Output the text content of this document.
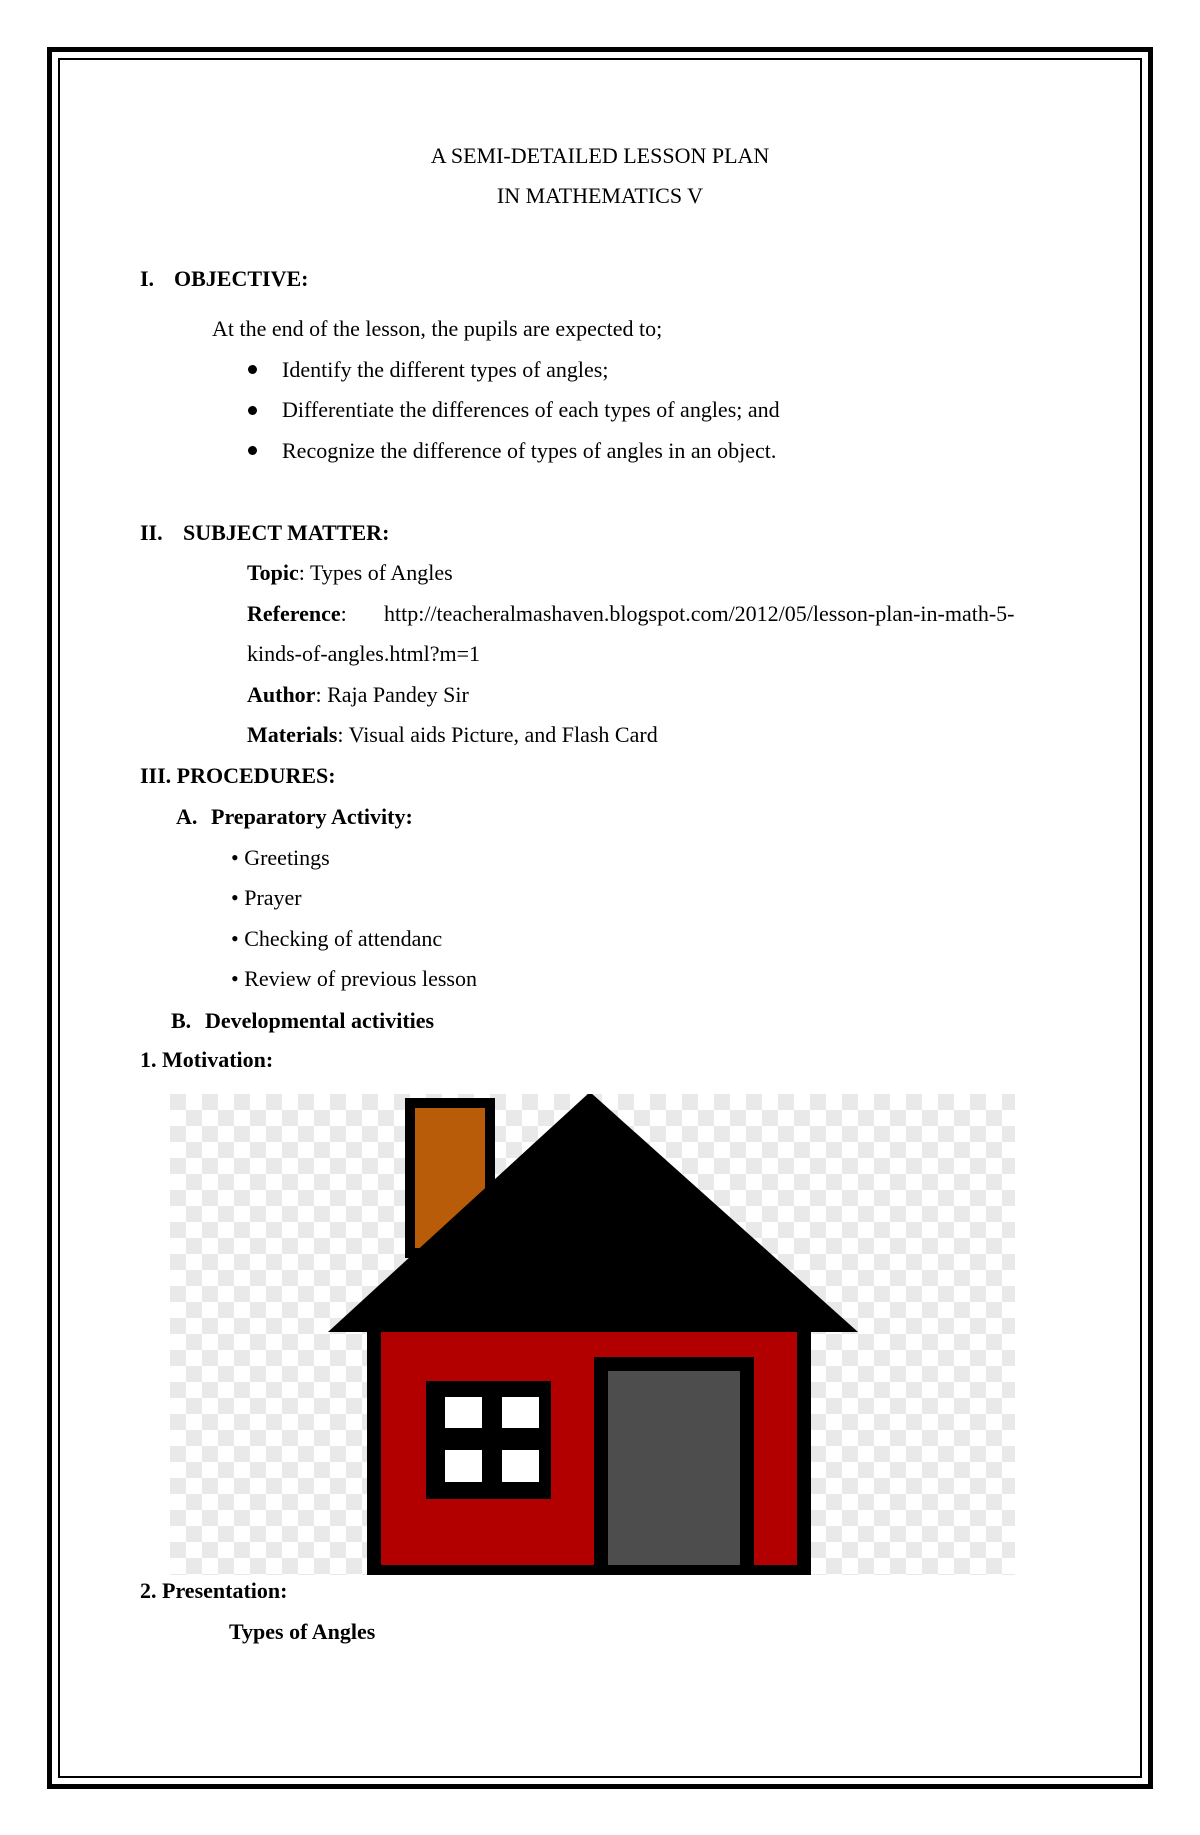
A SEMI-DETAILED LESSON PLAN
IN MATHEMATICS V
I. OBJECTIVE:
At the end of the lesson, the pupils are expected to;
Identify the different types of angles;
Differentiate the differences of each types of angles; and
Recognize the difference of types of angles in an object.
II. SUBJECT MATTER:
Topic: Types of Angles
Reference: http://teacheralmashaven.blogspot.com/2012/05/lesson-plan-in-math-5-
kinds-of-angles.html?m=1
Author: Raja Pandey Sir
Materials: Visual aids Picture, and Flash Card
III. PROCEDURES:
A. Preparatory Activity:
• Greetings
• Prayer
• Checking of attendanc
• Review of previous lesson
B. Developmental activities
1. Motivation:
2. Presentation:
Types of Angles
